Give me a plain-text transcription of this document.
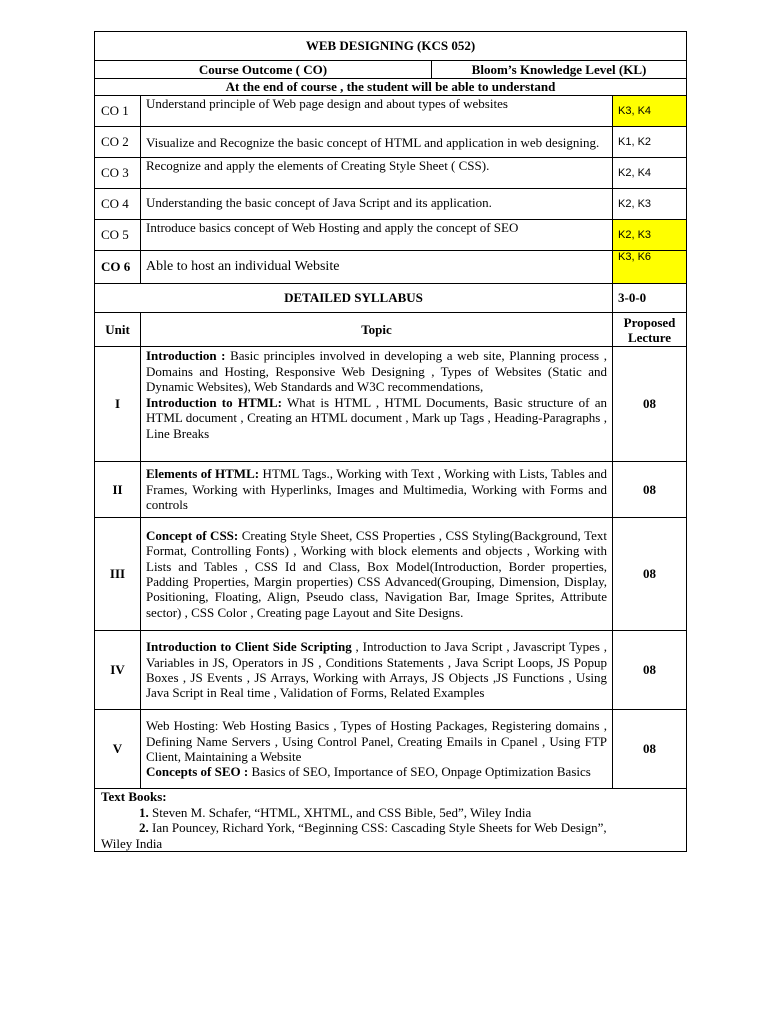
WEB DESIGNING (KCS 052)			
Course Outcome ( CO)		Bloom’s Knowledge Level (KL)	
At the end of course , the student will be able to understand			
CO 1	Understand principle of Web page design and about types of websites		K3, K4
CO 2	Visualize and Recognize the basic concept of HTML and application in web designing.		K1, K2
CO 3	Recognize and apply the elements of Creating Style Sheet ( CSS).		K2, K4
CO 4	Understanding the basic concept of Java Script and its application.		K2, K3
CO 5	Introduce basics concept of Web Hosting and apply the concept of SEO		K2, K3
CO 6	Able to host an individual Website		K3, K6
DETAILED SYLLABUS			3-0-0
Unit	Topic		Proposed Lecture
I	Introduction : Basic principles involved in developing a web site, Planning process , Domains and Hosting, Responsive Web Designing , Types of Websites (Static and Dynamic Websites), Web Standards and W3C recommendations,

Introduction to HTML: What is HTML , HTML Documents, Basic structure of an HTML document , Creating an HTML document , Mark up Tags , Heading-Paragraphs , Line Breaks		08
II	Elements of HTML: HTML Tags., Working with Text , Working with Lists, Tables and Frames, Working with Hyperlinks, Images and Multimedia, Working with Forms and controls		08
III	Concept of CSS: Creating Style Sheet, CSS Properties , CSS Styling(Background, Text Format, Controlling Fonts) , Working with block elements and objects , Working with Lists and Tables , CSS Id and Class, Box Model(Introduction, Border properties, Padding Properties, Margin properties) CSS Advanced(Grouping, Dimension, Display, Positioning, Floating, Align, Pseudo class, Navigation Bar, Image Sprites, Attribute sector) , CSS Color , Creating page Layout and Site Designs.		08
IV	Introduction to Client Side Scripting , Introduction to Java Script , Javascript Types , Variables in JS, Operators in JS , Conditions Statements , Java Script Loops, JS Popup Boxes , JS Events , JS Arrays, Working with Arrays, JS Objects ,JS Functions , Using Java Script in Real time , Validation of Forms, Related Examples		08
V	Web Hosting: Web Hosting Basics , Types of Hosting Packages, Registering domains , Defining Name Servers , Using Control Panel, Creating Emails in Cpanel , Using FTP Client, Maintaining a Website

Concepts of SEO : Basics of SEO, Importance of SEO, Onpage Optimization Basics		08

Text Books:
1. Steven M. Schafer, “HTML, XHTML, and CSS Bible, 5ed”, Wiley India
2. Ian Pouncey, Richard York, “Beginning CSS: Cascading Style Sheets for Web Design”,
Wiley India			
